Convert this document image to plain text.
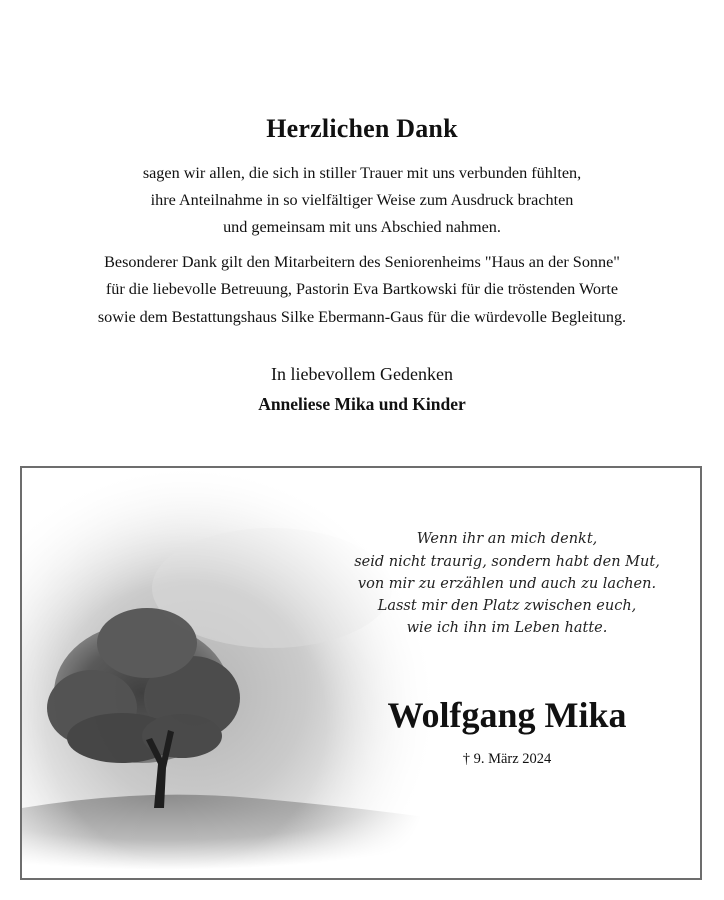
Herzlichen Dank
sagen wir allen, die sich in stiller Trauer mit uns verbunden fühlten,
ihre Anteilnahme in so vielfältiger Weise zum Ausdruck brachten
und gemeinsam mit uns Abschied nahmen.
Besonderer Dank gilt den Mitarbeitern des Seniorenheims "Haus an der Sonne"
für die liebevolle Betreuung, Pastorin Eva Bartkowski für die tröstenden Worte
sowie dem Bestattungshaus Silke Ebermann-Gaus für die würdevolle Begleitung.
In liebevollem Gedenken
Anneliese Mika und Kinder
Wenn ihr an mich denkt,
seid nicht traurig, sondern habt den Mut,
von mir zu erzählen und auch zu lachen.
Lasst mir den Platz zwischen euch,
wie ich ihn im Leben hatte.
Wolfgang Mika
† 9. März 2024
